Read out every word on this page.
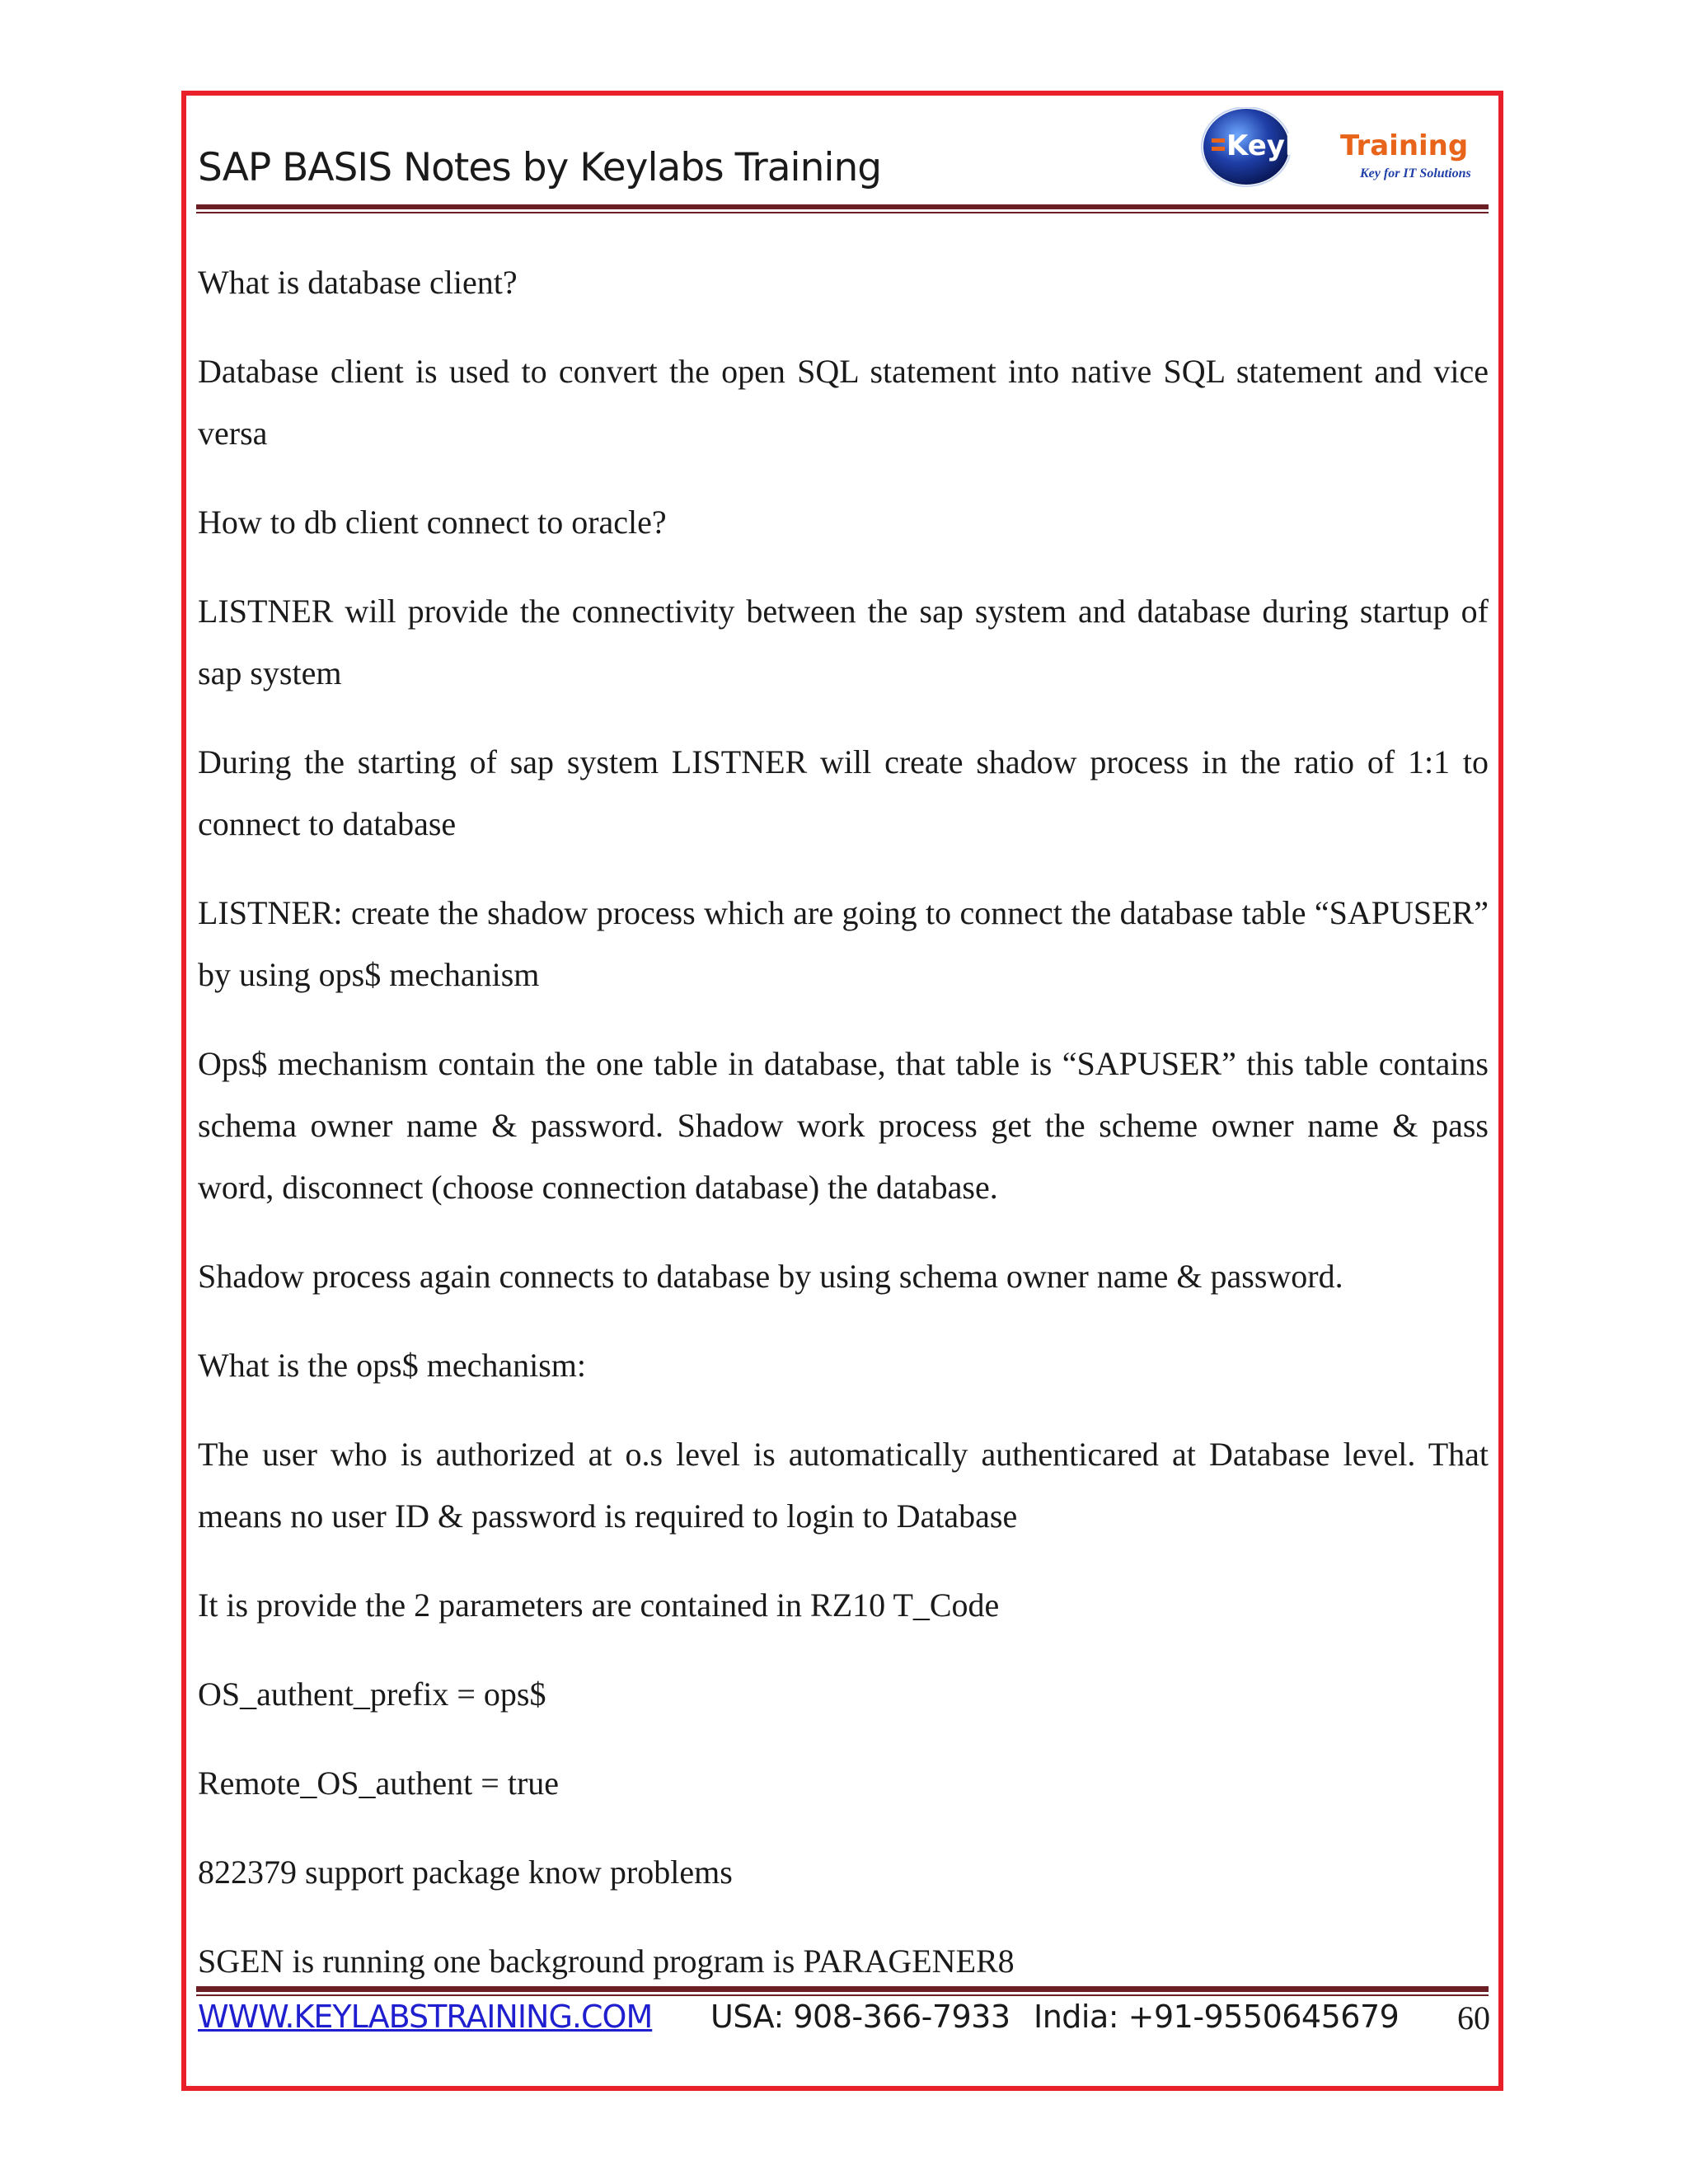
SAP BASIS Notes by Keylabs Training	Keylabs
Training
Key for IT Solutions

What is database client?

Database client is used to convert the open SQL statement into native SQL statement and vice versa

How to db client connect to oracle?

LISTNER will provide the connectivity between the sap system and database during startup of sap system

During the starting of sap system LISTNER will create shadow process in the ratio of 1:1 to connect to database

LISTNER: create the shadow process which are going to connect the database table “SAPUSER” by using ops$ mechanism

Ops$ mechanism contain the one table in database, that table is “SAPUSER” this table contains schema owner name & password. Shadow work process get the scheme owner name & pass word, disconnect (choose connection database) the database.

Shadow process again connects to database by using schema owner name & password.

What is the ops$ mechanism:

The user who is authorized at o.s level is automatically authenticared at Database level. That means no user ID & password is required to login to Database

It is provide the 2 parameters are contained in RZ10 T_Code

OS_authent_prefix = ops$

Remote_OS_authent = true

822379 support package know problems

SGEN is running one background program is PARAGENER8

WWW.KEYLABSTRAINING.COM USA: 908-366-7933 India: +91-9550645679 60
